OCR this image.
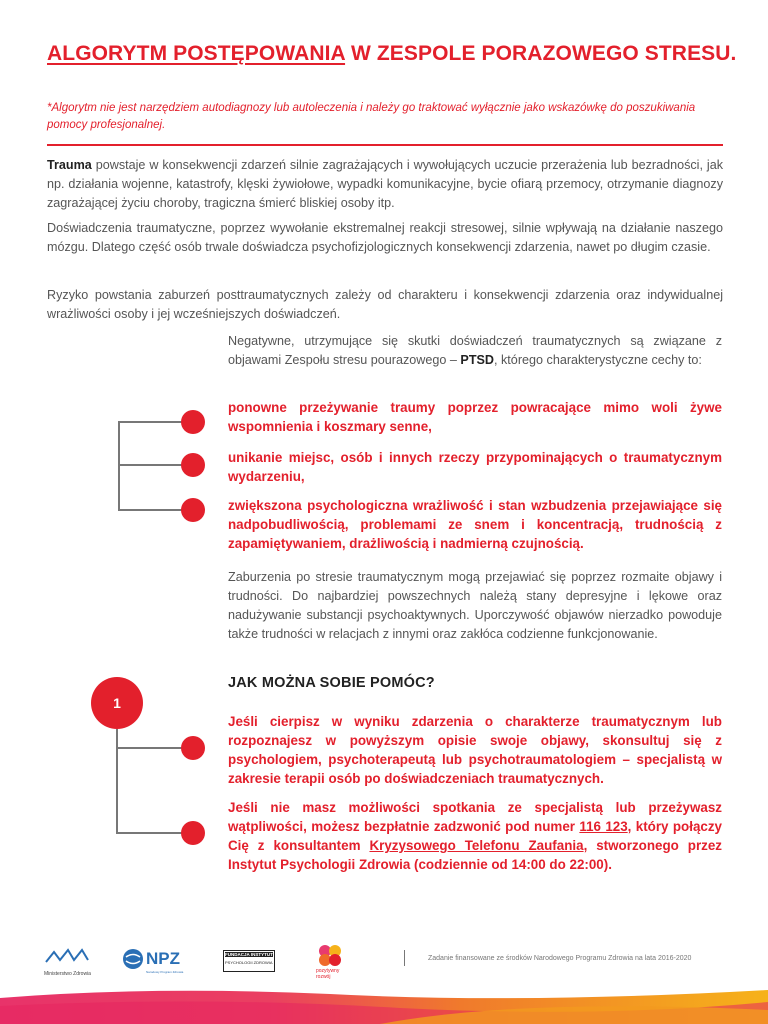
ALGORYTM POSTĘPOWANIA W ZESPOLE PORAZOWEGO STRESU.
*Algorytm nie jest narzędziem autodiagnozy lub autoleczenia i należy go traktować wyłącznie jako wskazówkę do poszukiwania pomocy profesjonalnej.
Trauma powstaje w konsekwencji zdarzeń silnie zagrażających i wywołujących uczucie przerażenia lub bezradności, jak np. działania wojenne, katastrofy, klęski żywiołowe, wypadki komunikacyjne, bycie ofiarą przemocy, otrzymanie diagnozy zagrażającej życiu choroby, tragiczna śmierć bliskiej osoby itp.
Doświadczenia traumatyczne, poprzez wywołanie ekstremalnej reakcji stresowej, silnie wpływają na działanie naszego mózgu. Dlatego część osób trwale doświadcza psychofizjologicznych konsekwencji zdarzenia, nawet po długim czasie.
Ryzyko powstania zaburzeń posttraumatycznych zależy od charakteru i konsekwencji zdarzenia oraz indywidualnej wrażliwości osoby i jej wcześniejszych doświadczeń.
Negatywne, utrzymujące się skutki doświadczeń traumatycznych są związane z objawami Zespołu stresu pourazowego – PTSD, którego charakterystyczne cechy to:
ponowne przeżywanie traumy poprzez powracające mimo woli żywe wspomnienia i koszmary senne,
unikanie miejsc, osób i innych rzeczy przypominających o traumatycznym wydarzeniu,
zwiększona psychologiczna wrażliwość i stan wzbudzenia przejawiające się nadpobudliwością, problemami ze snem i koncentracją, trudnością z zapamiętywaniem, drażliwością i nadmierną czujnością.
Zaburzenia po stresie traumatycznym mogą przejawiać się poprzez rozmaite objawy i trudności. Do najbardziej powszechnych należą stany depresyjne i lękowe oraz nadużywanie substancji psychoaktywnych. Uporczywość objawów nierzadko powoduje także trudności w relacjach z innymi oraz zakłóca codzienne funkcjonowanie.
1
JAK MOŻNA SOBIE POMÓC?
Jeśli cierpisz w wyniku zdarzenia o charakterze traumatycznym lub rozpoznajesz w powyższym opisie swoje objawy, skonsultuj się z psychologiem, psychoterapeutą lub psychotraumatologiem – specjalistą w zakresie terapii osób po doświadczeniach traumatycznych.
Jeśli nie masz możliwości spotkania ze specjalistą lub przeżywasz wątpliwości, możesz bezpłatnie zadzwonić pod numer 116 123, który połączy Cię z konsultantem Kryzysowego Telefonu Zaufania, stworzonego przez Instytut Psychologii Zdrowia (codziennie od 14:00 do 22:00).
Ministerstwo Zdrowia
NPZ
Narodowy Program Zdrowia
FUNDACJA INSTYTUT
PSYCHOLOGII ZDROWIA
pozytywny
rozwój
Zadanie finansowane ze środków Narodowego Programu Zdrowia na lata 2016-2020
